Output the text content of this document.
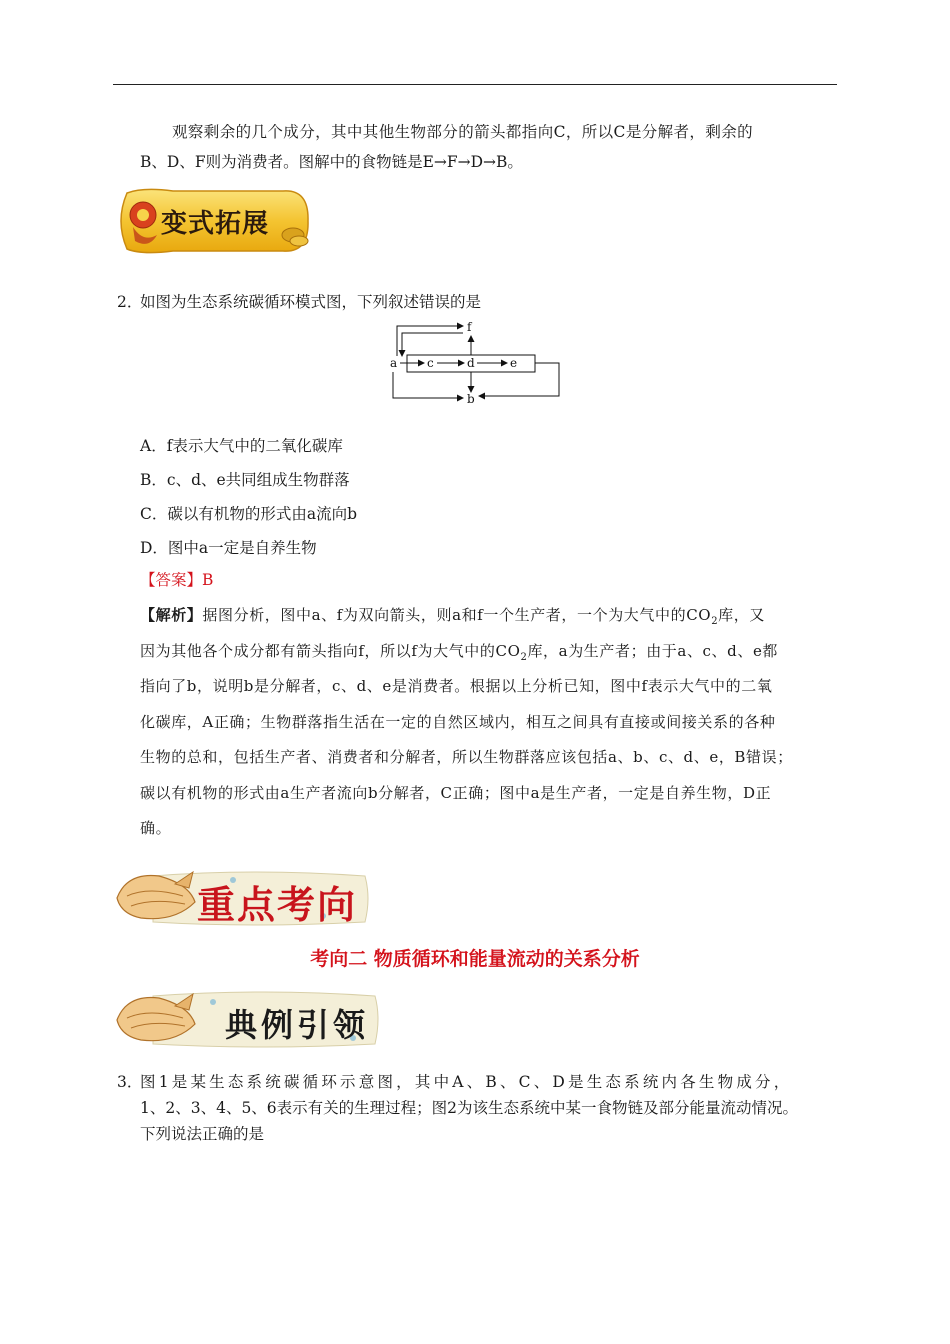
观察剩余的几个成分，其中其他生物部分的箭头都指向C，所以C是分解者，剩余的
B、D、F则为消费者。图解中的食物链是E→F→D→B。
变式拓展
2．
如图为生态系统碳循环模式图，下列叙述错误的是
f
a c	d	e
b
A．f表示大气中的二氧化碳库
B．c、d、e共同组成生物群落
C．碳以有机物的形式由a流向b
D．图中a一定是自养生物
【答案】B
【解析】据图分析，图中a、f为双向箭头，则a和f一个生产者，一个为大气中的$CO_2$库，又
因为其他各个成分都有箭头指向f，所以f为大气中的$CO_2$库，a为生产者；由于a、c、d、e都
指向了b，说明b是分解者，c、d、e是消费者。根据以上分析已知，图中f表示大气中的二氧
化碳库，A正确；生物群落指生活在一定的自然区域内，相互之间具有直接或间接关系的各种
生物的总和，包括生产者、消费者和分解者，所以生物群落应该包括a、b、c、d、e，B错误；
碳以有机物的形式由a生产者流向b分解者，C正确；图中a是生产者，一定是自养生物，D正
确。
重点考向
考向二 物质循环和能量流动的关系分析
典例引领
3．
图1是某生态系统碳循环示意图，其中A、B、C、D是生态系统内各生物成分，
1、2、3、4、5、6表示有关的生理过程；图2为该生态系统中某一食物链及部分能量流动情况。
下列说法正确的是
